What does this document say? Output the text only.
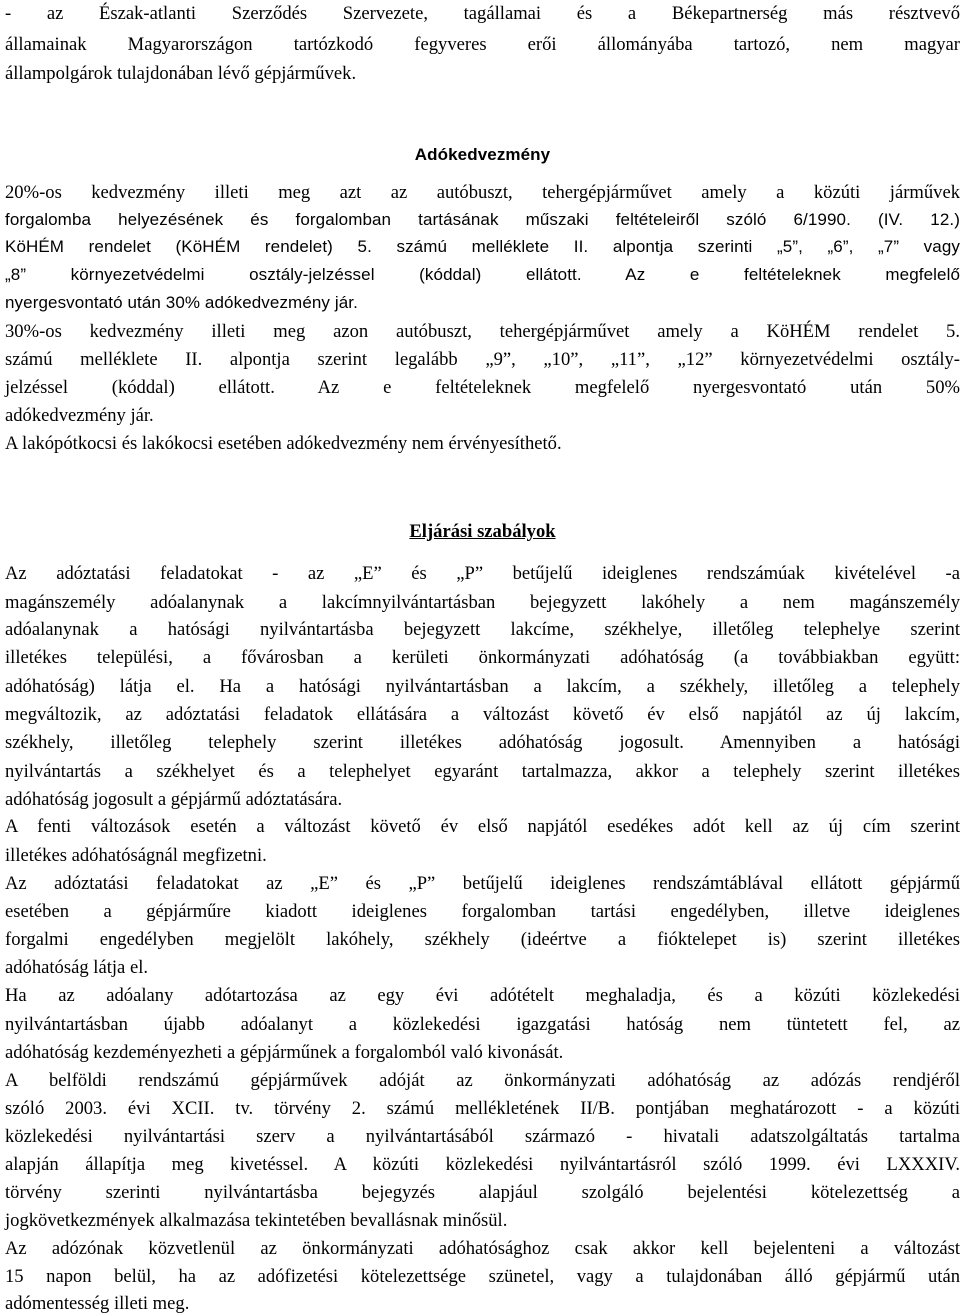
- az Észak-atlanti Szerződés Szervezete, tagállamai és a Békepartnerség más résztvevő
államainak Magyarországon tartózkodó fegyveres erői állományába tartozó, nem magyar
állampolgárok tulajdonában lévő gépjárművek.
Adókedvezmény
20%-os kedvezmény illeti meg azt az autóbuszt, tehergépjárművet amely a közúti járművek
forgalomba helyezésének és forgalomban tartásának műszaki feltételeiről szóló 6/1990. (IV. 12.)
KöHÉM rendelet (KöHÉM rendelet) 5. számú melléklete II. alpontja szerinti „5”, „6”, „7” vagy
„8” környezetvédelmi osztály-jelzéssel (kóddal) ellátott. Az e feltételeknek megfelelő
nyergesvontató után 30% adókedvezmény jár.
30%-os kedvezmény illeti meg azon autóbuszt, tehergépjárművet amely a KöHÉM rendelet 5.
számú melléklete II. alpontja szerint legalább „9”, „10”, „11”, „12” környezetvédelmi osztály-
jelzéssel (kóddal) ellátott. Az e feltételeknek megfelelő nyergesvontató után 50%
adókedvezmény jár.
A lakópótkocsi és lakókocsi esetében adókedvezmény nem érvényesíthető.
Eljárási szabályok
Az adóztatási feladatokat - az „E” és „P” betűjelű ideiglenes rendszámúak kivételével -a
magánszemély adóalanynak a lakcímnyilvántartásban bejegyzett lakóhely a nem magánszemély
adóalanynak a hatósági nyilvántartásba bejegyzett lakcíme, székhelye, illetőleg telephelye szerint
illetékes települési, a fővárosban a kerületi önkormányzati adóhatóság (a továbbiakban együtt:
adóhatóság) látja el. Ha a hatósági nyilvántartásban a lakcím, a székhely, illetőleg a telephely
megváltozik, az adóztatási feladatok ellátására a változást követő év első napjától az új lakcím,
székhely, illetőleg telephely szerint illetékes adóhatóság jogosult. Amennyiben a hatósági
nyilvántartás a székhelyet és a telephelyet egyaránt tartalmazza, akkor a telephely szerint illetékes
adóhatóság jogosult a gépjármű adóztatására.
A fenti változások esetén a változást követő év első napjától esedékes adót kell az új cím szerint
illetékes adóhatóságnál megfizetni.
Az adóztatási feladatokat az „E” és „P” betűjelű ideiglenes rendszámtáblával ellátott gépjármű
esetében a gépjárműre kiadott ideiglenes forgalomban tartási engedélyben, illetve ideiglenes
forgalmi engedélyben megjelölt lakóhely, székhely (ideértve a fióktelepet is) szerint illetékes
adóhatóság látja el.
Ha az adóalany adótartozása az egy évi adótételt meghaladja, és a közúti közlekedési
nyilvántartásban újabb adóalanyt a közlekedési igazgatási hatóság nem tüntetett fel, az
adóhatóság kezdeményezheti a gépjárműnek a forgalomból való kivonását.
A belföldi rendszámú gépjárművek adóját az önkormányzati adóhatóság az adózás rendjéről
szóló 2003. évi XCII. tv. törvény 2. számú mellékletének II/B. pontjában meghatározott - a közúti
közlekedési nyilvántartási szerv a nyilvántartásából származó - hivatali adatszolgáltatás tartalma
alapján állapítja meg kivetéssel. A közúti közlekedési nyilvántartásról szóló 1999. évi LXXXIV.
törvény szerinti nyilvántartásba bejegyzés alapjául szolgáló bejelentési kötelezettség a
jogkövetkezmények alkalmazása tekintetében bevallásnak minősül.
Az adózónak közvetlenül az önkormányzati adóhatósághoz csak akkor kell bejelenteni a változást
15 napon belül, ha az adófizetési kötelezettségе szünetel, vagy a tulajdonában álló gépjármű után
adómentesség illeti meg.
